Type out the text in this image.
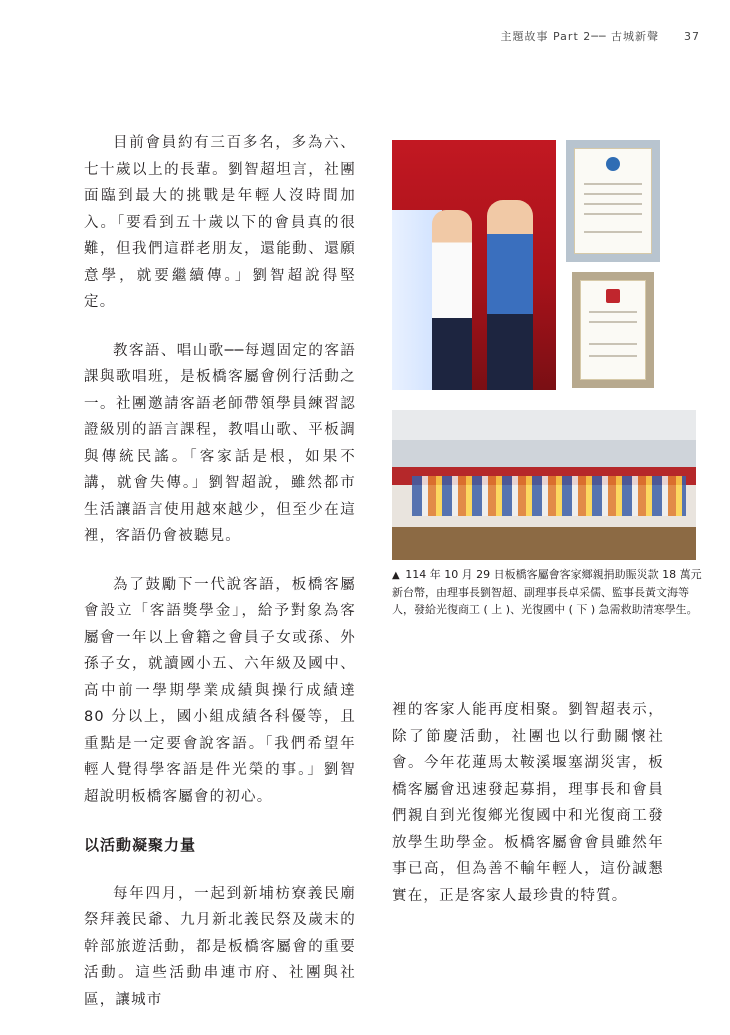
主題故事 Part 2── 古城新聲 37

目前會員約有三百多名，多為六、七十歲以上的長輩。劉智超坦言，社團面臨到最大的挑戰是年輕人沒時間加入。「要看到五十歲以下的會員真的很難，但我們這群老朋友，還能動、還願意學，就要繼續傳。」劉智超說得堅定。

教客語、唱山歌──每週固定的客語課與歌唱班，是板橋客屬會例行活動之一。社團邀請客語老師帶領學員練習認證級別的語言課程，教唱山歌、平板調與傳統民謠。「客家話是根，如果不講，就會失傳。」劉智超說，雖然都市生活讓語言使用越來越少，但至少在這裡，客語仍會被聽見。

為了鼓勵下一代說客語，板橋客屬會設立「客語獎學金」，給予對象為客屬會一年以上會籍之會員子女或孫、外孫子女，就讀國小五、六年級及國中、高中前一學期學業成績與操行成績達 80 分以上，國小組成績各科優等，且重點是一定要會說客語。「我們希望年輕人覺得學客語是件光榮的事。」劉智超說明板橋客屬會的初心。

以活動凝聚力量

每年四月，一起到新埔枋寮義民廟祭拜義民爺、九月新北義民祭及歲末的幹部旅遊活動，都是板橋客屬會的重要活動。這些活動串連市府、社團與社區，讓城市

▲ 114 年 10 月 29 日板橋客屬會客家鄉親捐助賑災款 18 萬元新台幣，由理事長劉智超、副理事長卓采儒、監事長黃文海等人，發給光復商工 ( 上 )、光復國中 ( 下 ) 急需救助清寒學生。

裡的客家人能再度相聚。劉智超表示，除了節慶活動，社團也以行動關懷社會。今年花蓮馬太鞍溪堰塞湖災害，板橋客屬會迅速發起募捐，理事長和會員們親自到光復鄉光復國中和光復商工發放學生助學金。板橋客屬會會員雖然年事已高，但為善不輸年輕人，這份誠懇實在，正是客家人最珍貴的特質。
